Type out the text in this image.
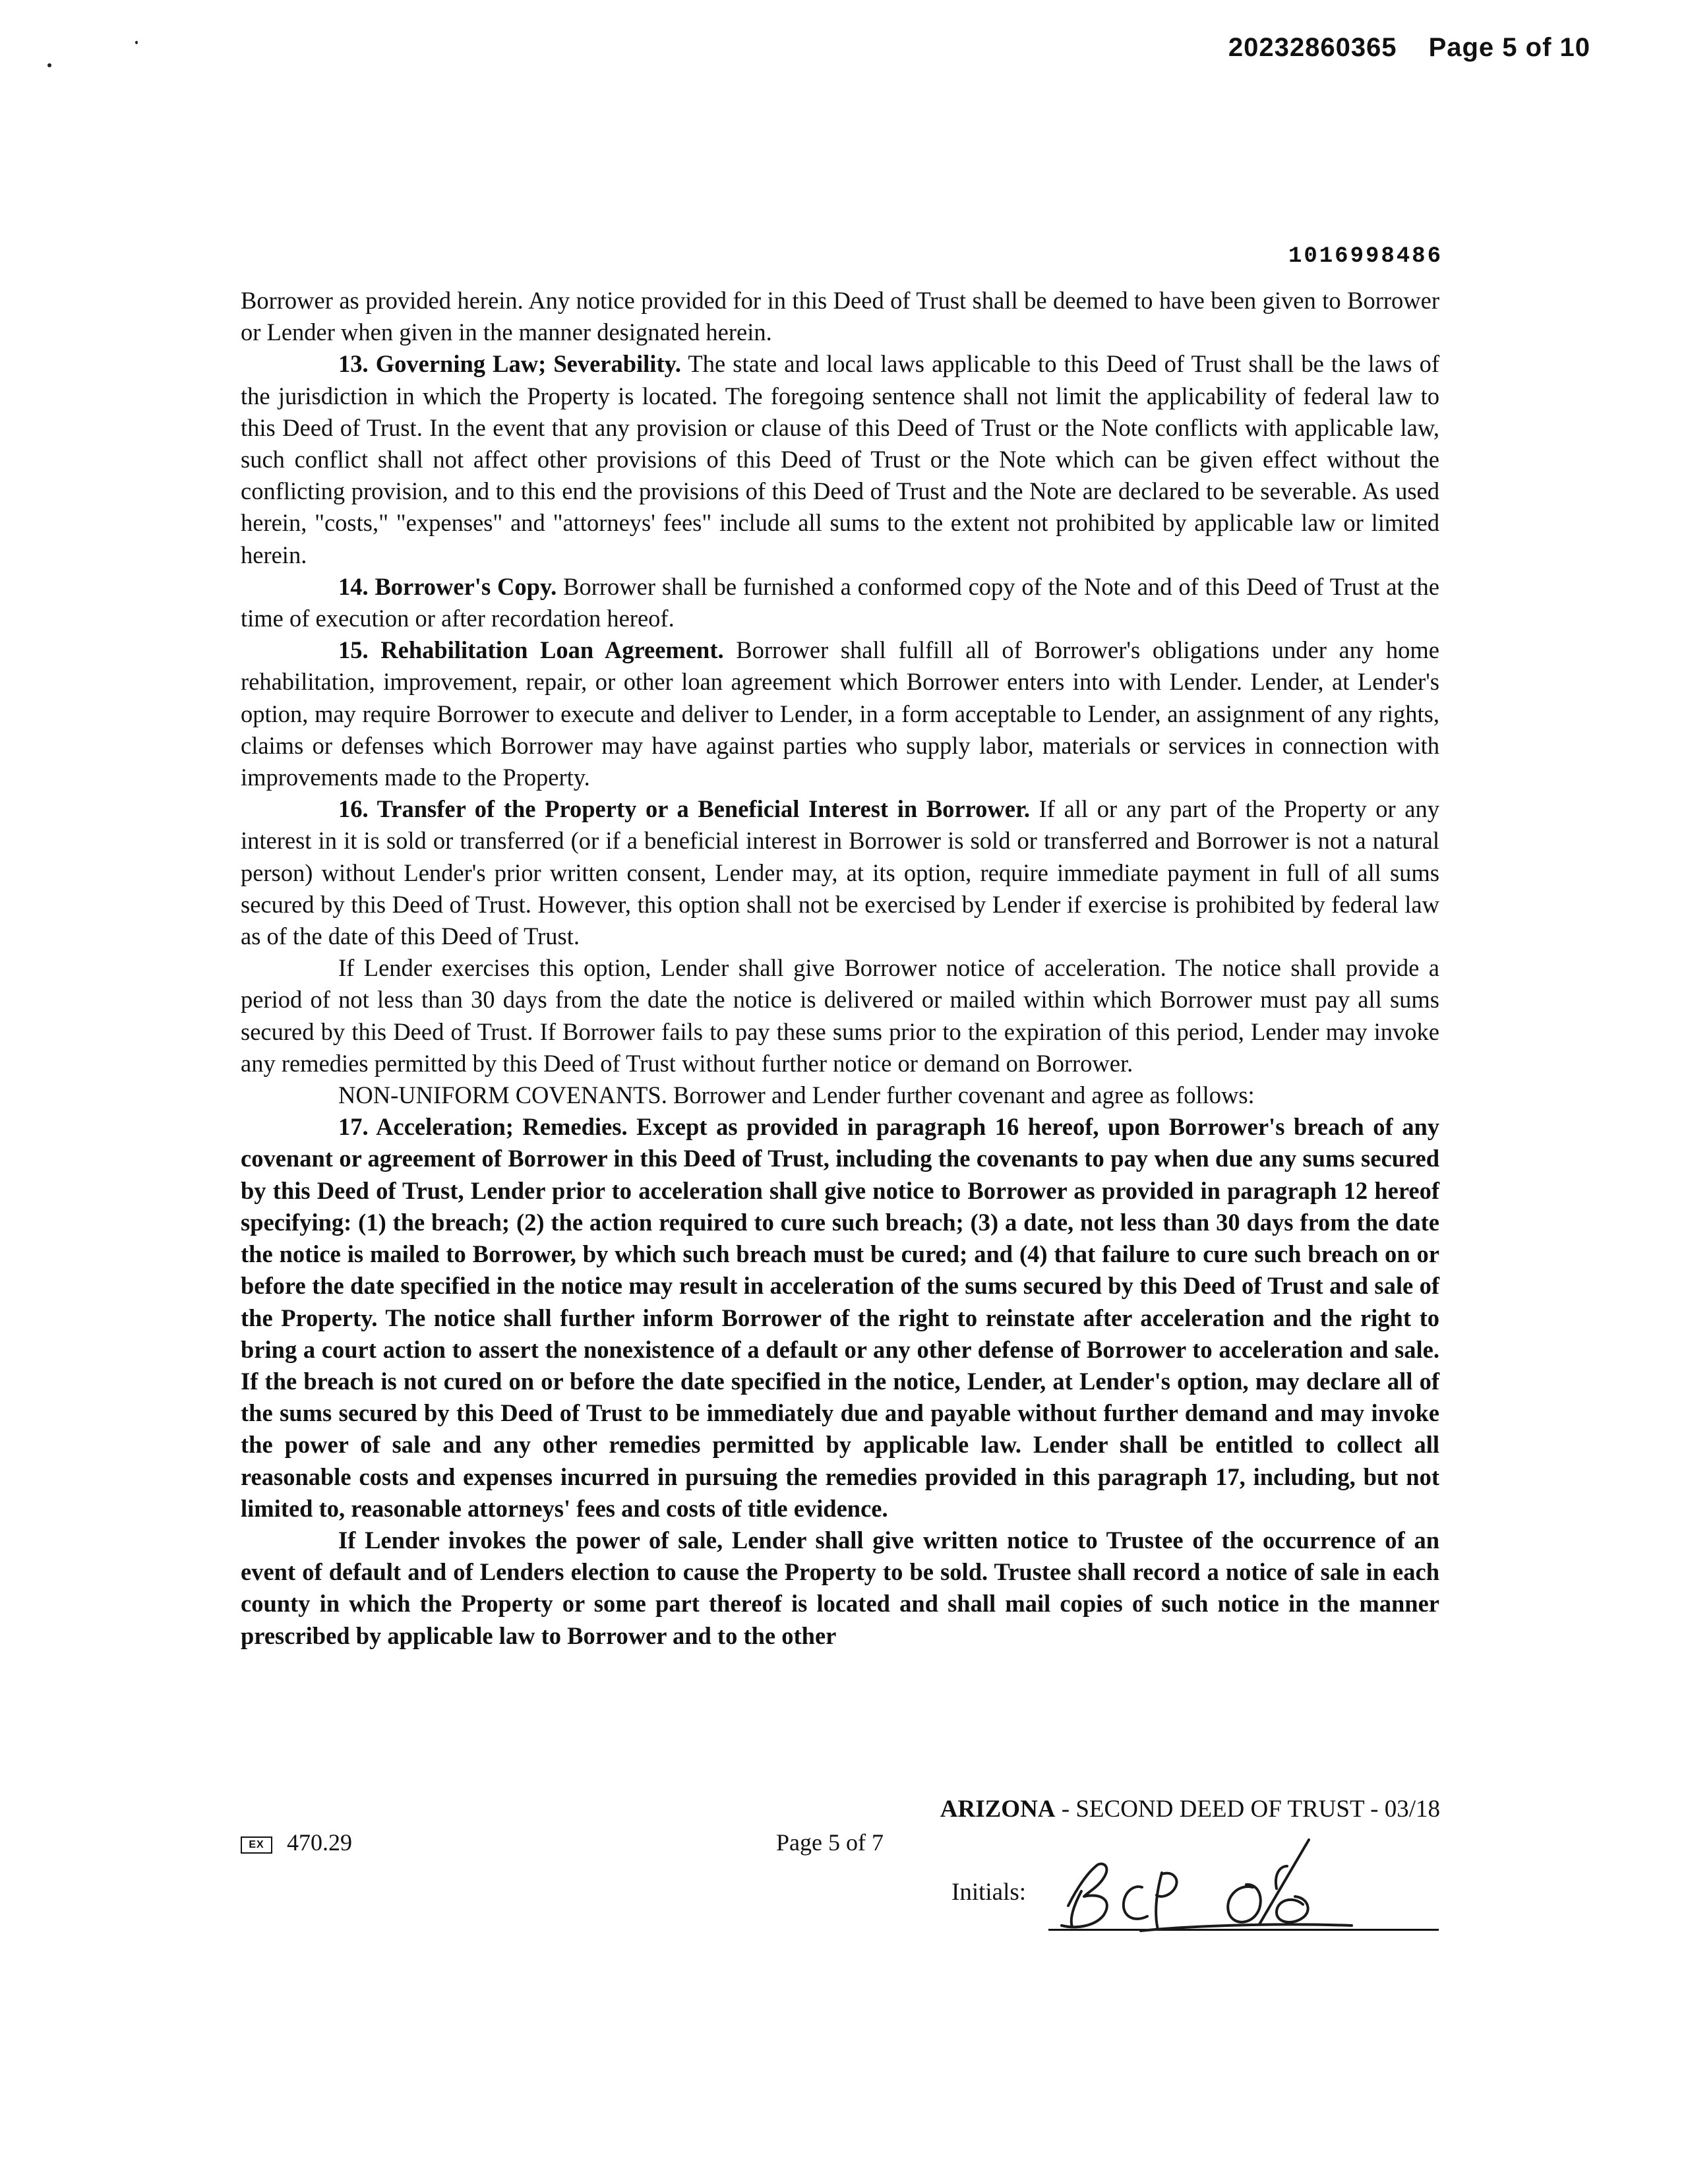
20232860365 Page 5 of 10
1016998486

Borrower as provided herein. Any notice provided for in this Deed of Trust shall be deemed to have been given to Borrower or Lender when given in the manner designated herein.

13. Governing Law; Severability. The state and local laws applicable to this Deed of Trust shall be the laws of the jurisdiction in which the Property is located. The foregoing sentence shall not limit the applicability of federal law to this Deed of Trust. In the event that any provision or clause of this Deed of Trust or the Note conflicts with applicable law, such conflict shall not affect other provisions of this Deed of Trust or the Note which can be given effect without the conflicting provision, and to this end the provisions of this Deed of Trust and the Note are declared to be severable. As used herein, "costs," "expenses" and "attorneys' fees" include all sums to the extent not prohibited by applicable law or limited herein.

14. Borrower's Copy. Borrower shall be furnished a conformed copy of the Note and of this Deed of Trust at the time of execution or after recordation hereof.

15. Rehabilitation Loan Agreement. Borrower shall fulfill all of Borrower's obligations under any home rehabilitation, improvement, repair, or other loan agreement which Borrower enters into with Lender. Lender, at Lender's option, may require Borrower to execute and deliver to Lender, in a form acceptable to Lender, an assignment of any rights, claims or defenses which Borrower may have against parties who supply labor, materials or services in connection with improvements made to the Property.

16. Transfer of the Property or a Beneficial Interest in Borrower. If all or any part of the Property or any interest in it is sold or transferred (or if a beneficial interest in Borrower is sold or transferred and Borrower is not a natural person) without Lender's prior written consent, Lender may, at its option, require immediate payment in full of all sums secured by this Deed of Trust. However, this option shall not be exercised by Lender if exercise is prohibited by federal law as of the date of this Deed of Trust.

If Lender exercises this option, Lender shall give Borrower notice of acceleration. The notice shall provide a period of not less than 30 days from the date the notice is delivered or mailed within which Borrower must pay all sums secured by this Deed of Trust. If Borrower fails to pay these sums prior to the expiration of this period, Lender may invoke any remedies permitted by this Deed of Trust without further notice or demand on Borrower.

NON-UNIFORM COVENANTS. Borrower and Lender further covenant and agree as follows:

17. Acceleration; Remedies. Except as provided in paragraph 16 hereof, upon Borrower's breach of any covenant or agreement of Borrower in this Deed of Trust, including the covenants to pay when due any sums secured by this Deed of Trust, Lender prior to acceleration shall give notice to Borrower as provided in paragraph 12 hereof specifying: (1) the breach; (2) the action required to cure such breach; (3) a date, not less than 30 days from the date the notice is mailed to Borrower, by which such breach must be cured; and (4) that failure to cure such breach on or before the date specified in the notice may result in acceleration of the sums secured by this Deed of Trust and sale of the Property. The notice shall further inform Borrower of the right to reinstate after acceleration and the right to bring a court action to assert the nonexistence of a default or any other defense of Borrower to acceleration and sale. If the breach is not cured on or before the date specified in the notice, Lender, at Lender's option, may declare all of the sums secured by this Deed of Trust to be immediately due and payable without further demand and may invoke the power of sale and any other remedies permitted by applicable law. Lender shall be entitled to collect all reasonable costs and expenses incurred in pursuing the remedies provided in this paragraph 17, including, but not limited to, reasonable attorneys' fees and costs of title evidence.

If Lender invokes the power of sale, Lender shall give written notice to Trustee of the occurrence of an event of default and of Lenders election to cause the Property to be sold. Trustee shall record a notice of sale in each county in which the Property or some part thereof is located and shall mail copies of such notice in the manner prescribed by applicable law to Borrower and to the other

ARIZONA - SECOND DEED OF TRUST - 03/18
EX 470.29	Page 5 of 7
Initials:
